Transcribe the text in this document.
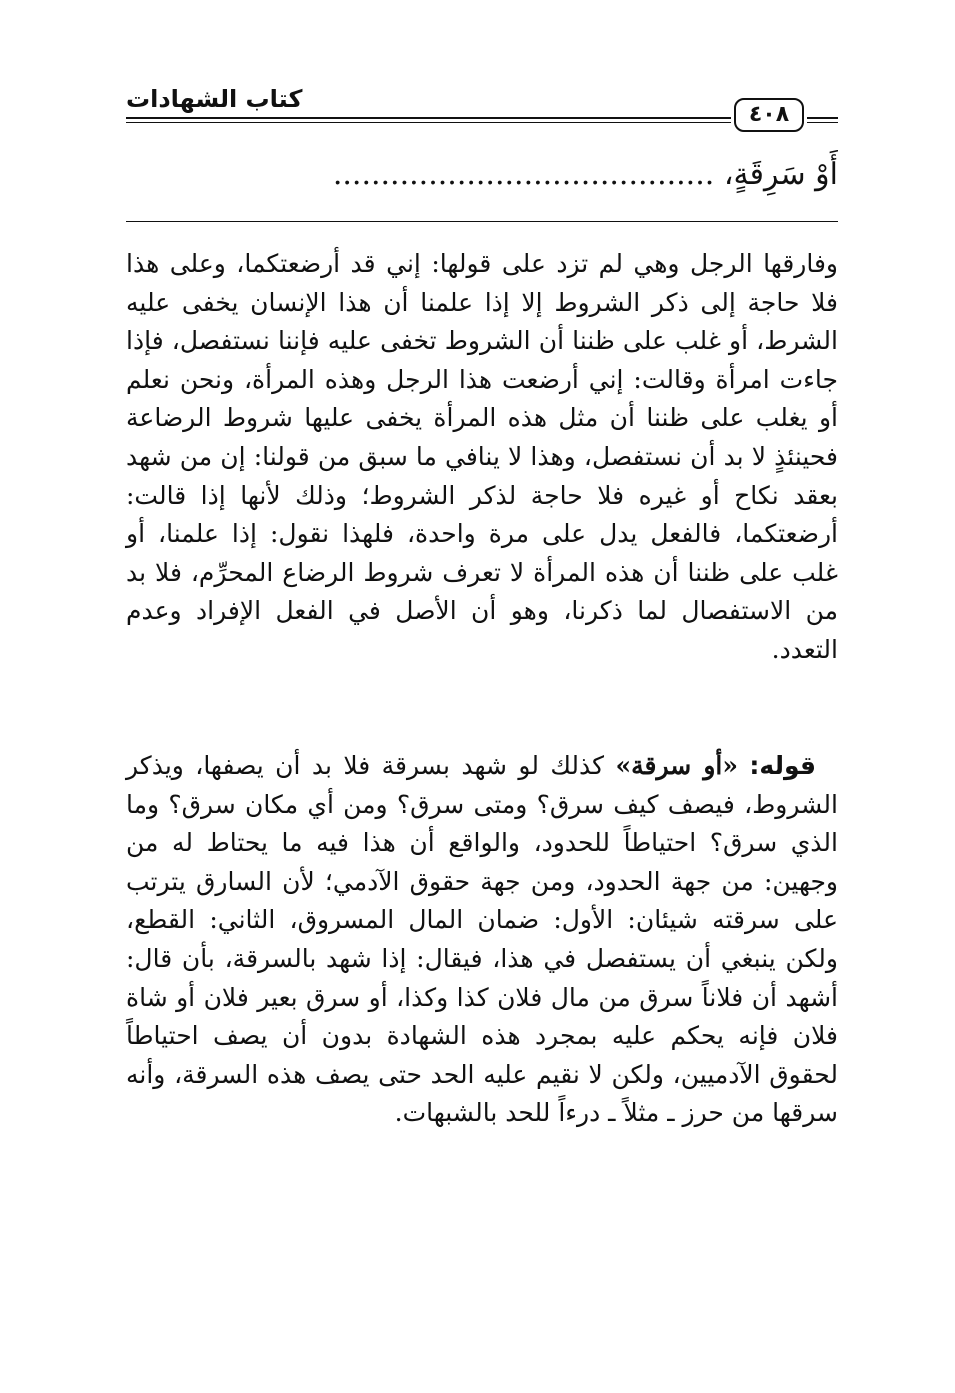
كتاب الشهادات
٤٠٨
أَوْ سَرِقَةٍ، ........................................

وفارقها الرجل وهي لم تزد على قولها: إني قد أرضعتكما، وعلى هذا فلا حاجة إلى ذكر الشروط إلا إذا علمنا أن هذا الإنسان يخفى عليه الشرط، أو غلب على ظننا أن الشروط تخفى عليه فإننا نستفصل، فإذا جاءت امرأة وقالت: إني أرضعت هذا الرجل وهذه المرأة، ونحن نعلم أو يغلب على ظننا أن مثل هذه المرأة يخفى عليها شروط الرضاعة فحينئذٍ لا بد أن نستفصل، وهذا لا ينافي ما سبق من قولنا: إن من شهد بعقد نكاح أو غيره فلا حاجة لذكر الشروط؛ وذلك لأنها إذا قالت: أرضعتكما، فالفعل يدل على مرة واحدة، فلهذا نقول: إذا علمنا، أو غلب على ظننا أن هذه المرأة لا تعرف شروط الرضاع المحرِّم، فلا بد من الاستفصال لما ذكرنا، وهو أن الأصل في الفعل الإفراد وعدم التعدد.

قوله: «أو سرقة» كذلك لو شهد بسرقة فلا بد أن يصفها، ويذكر الشروط، فيصف كيف سرق؟ ومتى سرق؟ ومن أي مكان سرق؟ وما الذي سرق؟ احتياطاً للحدود، والواقع أن هذا فيه ما يحتاط له من وجهين: من جهة الحدود، ومن جهة حقوق الآدمي؛ لأن السارق يترتب على سرقته شيئان: الأول: ضمان المال المسروق، الثاني: القطع، ولكن ينبغي أن يستفصل في هذا، فيقال: إذا شهد بالسرقة، بأن قال: أشهد أن فلاناً سرق من مال فلان كذا وكذا، أو سرق بعير فلان أو شاة فلان فإنه يحكم عليه بمجرد هذه الشهادة بدون أن يصف احتياطاً لحقوق الآدميين، ولكن لا نقيم عليه الحد حتى يصف هذه السرقة، وأنه سرقها من حرز ـ مثلاً ـ درءاً للحد بالشبهات.
